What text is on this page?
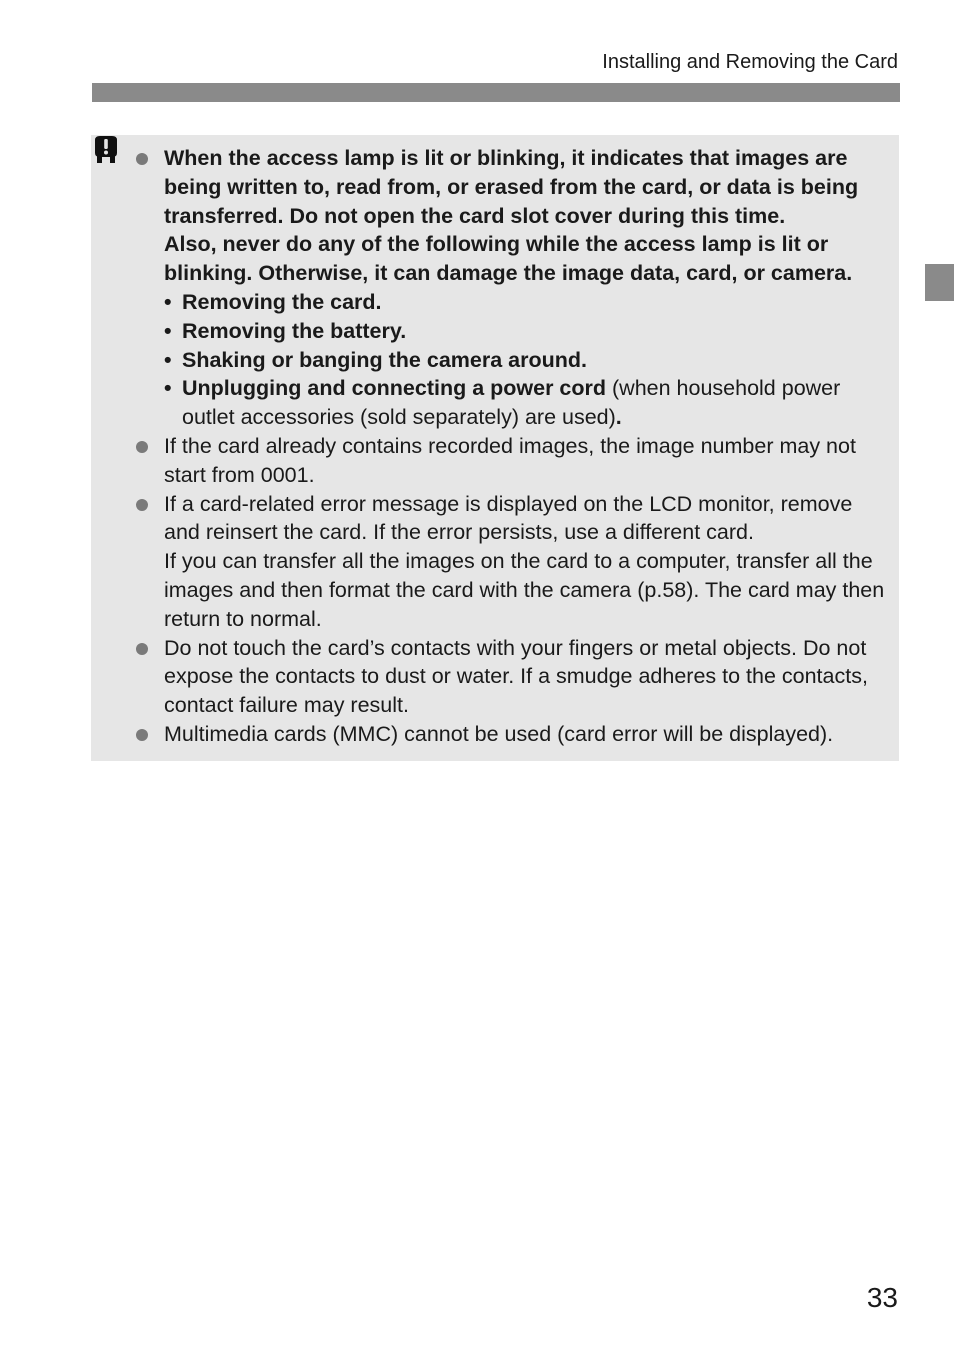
Installing and Removing the Card
When the access lamp is lit or blinking, it indicates that images are being written to, read from, or erased from the card, or data is being transferred. Do not open the card slot cover during this time.
Also, never do any of the following while the access lamp is lit or blinking. Otherwise, it can damage the image data, card, or camera.
• Removing the card.
• Removing the battery.
• Shaking or banging the camera around.
• Unplugging and connecting a power cord (when household power outlet accessories (sold separately) are used).
If the card already contains recorded images, the image number may not start from 0001.
If a card-related error message is displayed on the LCD monitor, remove and reinsert the card. If the error persists, use a different card.
If you can transfer all the images on the card to a computer, transfer all the images and then format the card with the camera (p.58). The card may then return to normal.
Do not touch the card’s contacts with your fingers or metal objects. Do not expose the contacts to dust or water. If a smudge adheres to the contacts, contact failure may result.
Multimedia cards (MMC) cannot be used (card error will be displayed).
33
